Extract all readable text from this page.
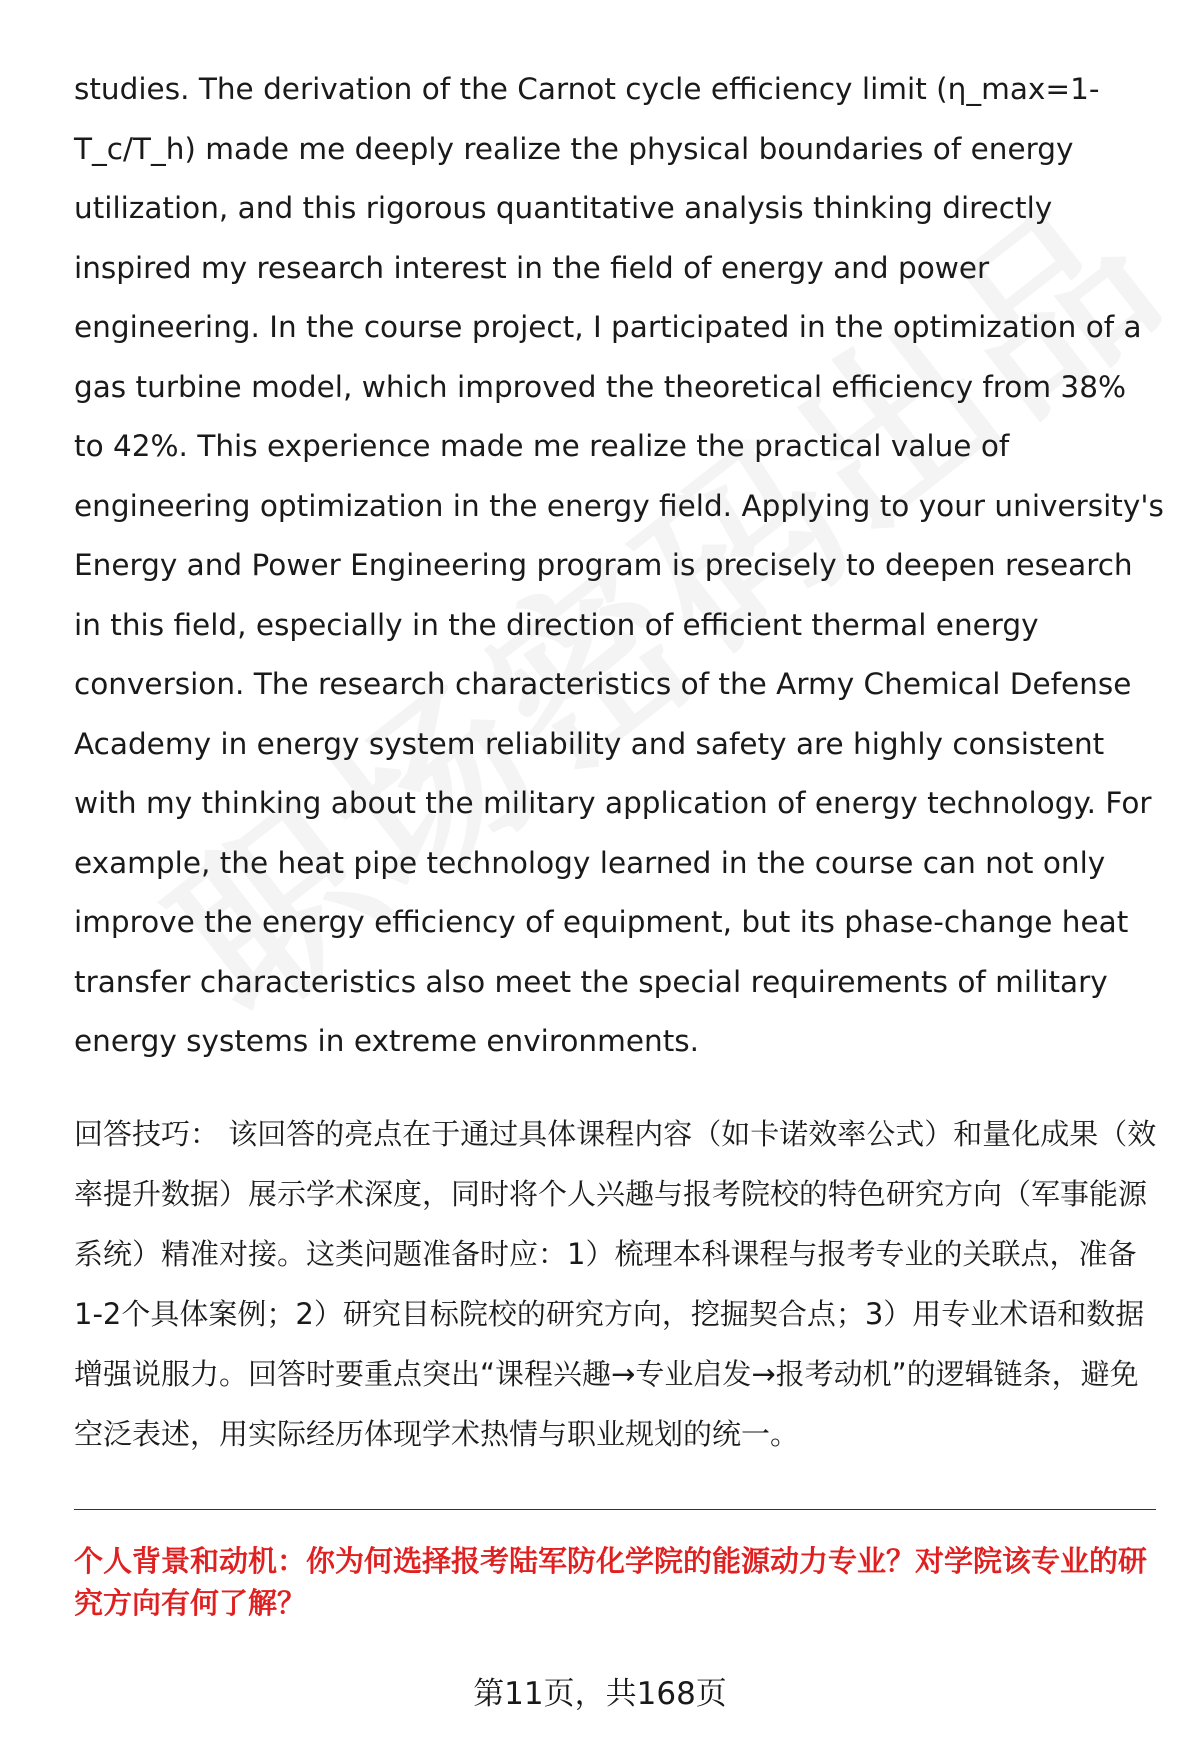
studies. The derivation of the Carnot cycle efficiency limit (η_max=1-T_c/T_h) made me deeply realize the physical boundaries of energy utilization, and this rigorous quantitative analysis thinking directly inspired my research interest in the field of energy and power engineering. In the course project, I participated in the optimization of a gas turbine model, which improved the theoretical efficiency from 38% to 42%. This experience made me realize the practical value of engineering optimization in the energy field. Applying to your university's Energy and Power Engineering program is precisely to deepen research in this field, especially in the direction of efficient thermal energy conversion. The research characteristics of the Army Chemical Defense Academy in energy system reliability and safety are highly consistent with my thinking about the military application of energy technology. For example, the heat pipe technology learned in the course can not only improve the energy efficiency of equipment, but its phase-change heat transfer characteristics also meet the special requirements of military energy systems in extreme environments.

回答技巧： 该回答的亮点在于通过具体课程内容（如卡诺效率公式）和量化成果（效率提升数据）展示学术深度，同时将个人兴趣与报考院校的特色研究方向（军事能源系统）精准对接。这类问题准备时应：1）梳理本科课程与报考专业的关联点，准备1-2个具体案例；2）研究目标院校的研究方向，挖掘契合点；3）用专业术语和数据增强说服力。回答时要重点突出“课程兴趣→专业启发→报考动机”的逻辑链条，避免空泛表述，用实际经历体现学术热情与职业规划的统一。

个人背景和动机：你为何选择报考陆军防化学院的能源动力专业？对学院该专业的研究方向有何了解？

第11页，共168页
